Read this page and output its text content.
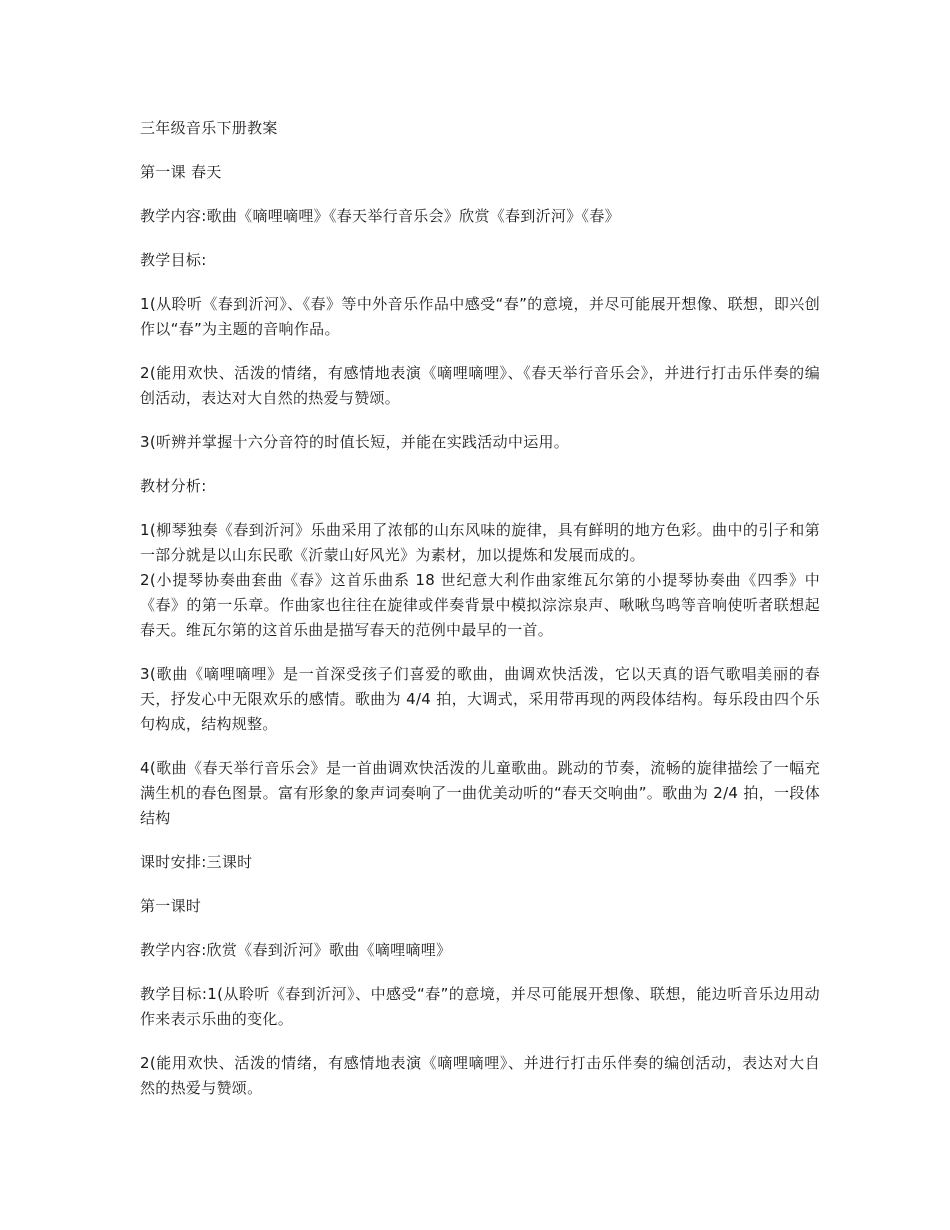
三年级音乐下册教案

第一课 春天

教学内容:歌曲《嘀哩嘀哩》《春天举行音乐会》欣赏《春到沂河》《春》

教学目标:

1(从聆听《春到沂河》、《春》等中外音乐作品中感受“春”的意境，并尽可能展开想像、联想，即兴创作以“春”为主题的音响作品。

2(能用欢快、活泼的情绪，有感情地表演《嘀哩嘀哩》、《春天举行音乐会》，并进行打击乐伴奏的编创活动，表达对大自然的热爱与赞颂。

3(听辨并掌握十六分音符的时值长短，并能在实践活动中运用。

教材分析:

1(柳琴独奏《春到沂河》乐曲采用了浓郁的山东风味的旋律，具有鲜明的地方色彩。曲中的引子和第一部分就是以山东民歌《沂蒙山好风光》为素材，加以提炼和发展而成的。

2(小提琴协奏曲套曲《春》这首乐曲系 18 世纪意大利作曲家维瓦尔第的小提琴协奏曲《四季》中《春》的第一乐章。作曲家也往往在旋律或伴奏背景中模拟淙淙泉声、啾啾鸟鸣等音响使听者联想起春天。维瓦尔第的这首乐曲是描写春天的范例中最早的一首。

3(歌曲《嘀哩嘀哩》是一首深受孩子们喜爱的歌曲，曲调欢快活泼，它以天真的语气歌唱美丽的春天，抒发心中无限欢乐的感情。歌曲为 4/4 拍，大调式，采用带再现的两段体结构。每乐段由四个乐句构成，结构规整。

4(歌曲《春天举行音乐会》是一首曲调欢快活泼的儿童歌曲。跳动的节奏，流畅的旋律描绘了一幅充满生机的春色图景。富有形象的象声词奏响了一曲优美动听的“春天交响曲”。歌曲为 2/4 拍，一段体结构

课时安排:三课时

第一课时

教学内容:欣赏《春到沂河》歌曲《嘀哩嘀哩》

教学目标:1(从聆听《春到沂河》、中感受“春”的意境，并尽可能展开想像、联想，能边听音乐边用动作来表示乐曲的变化。

2(能用欢快、活泼的情绪，有感情地表演《嘀哩嘀哩》、并进行打击乐伴奏的编创活动，表达对大自然的热爱与赞颂。
